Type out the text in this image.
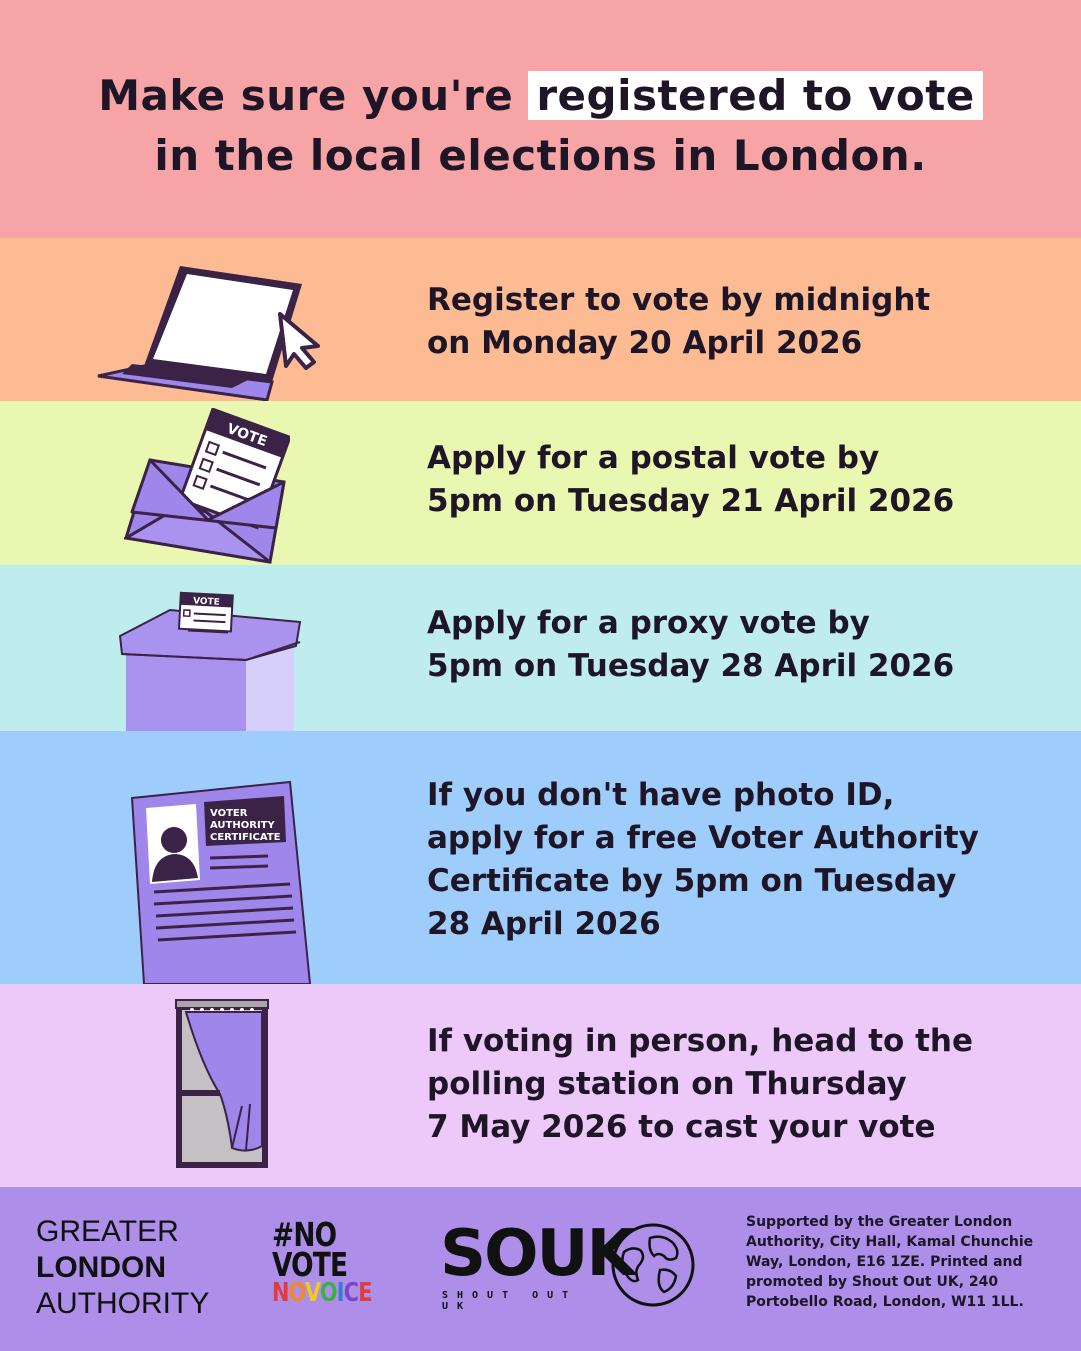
Make sure you're registered to vote
in the local elections in London.
Register to vote by midnight
on Monday 20 April 2026
VOTE
Apply for a postal vote by
5pm on Tuesday 21 April 2026
VOTE
Apply for a proxy vote by
5pm on Tuesday 28 April 2026
VOTER
AUTHORITY
CERTIFICATE
If you don't have photo ID,
apply for a free Voter Authority
Certificate by 5pm on Tuesday
28 April 2026
If voting in person, head to the
polling station on Thursday
7 May 2026 to cast your vote
GREATER
LONDON
AUTHORITY
#NO
VOTE
NOVOICE
SOUK
SHOUT OUT UK
Supported by the Greater London Authority, City Hall, Kamal Chunchie Way, London, E16 1ZE. Printed and promoted by Shout Out UK, 240 Portobello Road, London, W11 1LL.
